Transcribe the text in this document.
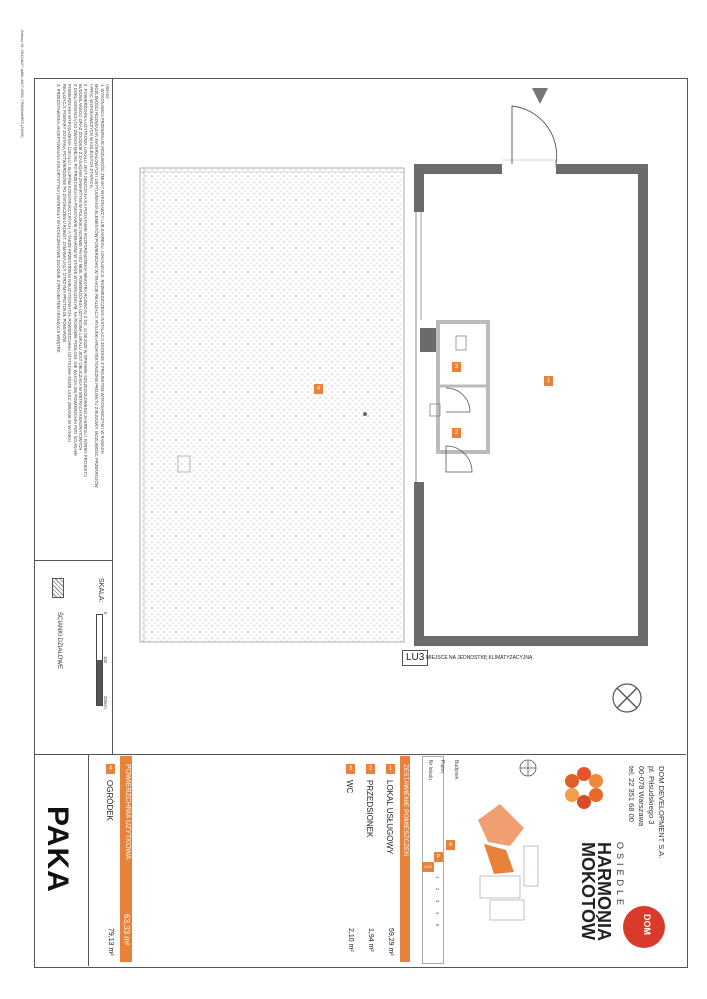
Arkusz ID: 26124b27-ad6b-4d07-9891-7f96d9eb5f53 (26/36)	UWAGI:
1. WYKONAWCA PRZEWIDUJE MOŻLIWOŚĆ ZMIANY WYKONAWCY LUB ZAKRESU, LOKALIZACJI, ROZMIESZCZENIA INSTALACJI ZGODNIE Z PROJEKTEM WYKONAWCZYM I W RAMACH
MOŻLIWOŚCI ROZWIĄZAŃ MATERIAŁOWYCH I USYTUOWANIA ELEMENTÓW POWIERZCHNI W TRAKCIE REALIZACJI. RYSUNKI ARCHITEKTONICZNE PROJEKTU Z BUDOWY. MOŻLIWOŚĆ PRZEKROJÓW
I PRAC WYKONAWCZYCH W KOLEJNYCH ETAPACH.
2. POWIERZCHNIA UŻYTKOWA LOKALU JEST OBLICZANA NA PODSTAWIE ROZPORZĄDZENIA MINISTRA ROZWOJU Z DN. 11.09.2020 W SPRAWIE SZCZEGÓŁOWEGO ZAKRESU I FORMY PROJEKTU
BUDOWLANEGO ORAZ ZGODNIE Z ZASADAMI ZAWARTYMI W POLSKIEJ NORMIE PN-ISO 9836. POWIERZCHNIA UŻYTKOWA LOKALU JEST OBLICZANA W METRACH KWADRATOWYCH
Z DOKŁADNOŚCIĄ DO DWÓCH MIEJSC PO PRZECINKU NA PODSTAWIE WYMIARÓW W STANIE WYKOŃCZONYM, NA POZIOMIE PODŁOGI. NIE WLICZA SIĘ POWIERZCHNI POD ŚCIANAMI
POWIERZCHNI WYPOSAŻENIA LOKALU I SŁUPÓW KONSTRUKCYJNYCH, A TAKŻE PRZESTRZENI NIEUŻYTKOWYCH. POWIERZCHNIA UŻYTKOWA MOŻE ULEC ZMIANIE W WYNIKU
REALIZACJI, POMIARY ZOSTANĄ POTWIERDZONE PO ZAKOŃCZENIU ROBÓT. ZAMAWIAJĄCY OTRZYMA PROTOKÓŁ POMIARÓW.
3. PRZEDSTAWIONA AKCEPTOWALNA KOLORYSTYKA I MATERIAŁY WYKOŃCZENIOWE ZGODNIE Z PROJEKTEM ARANŻACJI WNĘTRZ.
SKALA:
0
100
200cm
ŚCIANKI DZIAŁOWE
1
2
3
4
LU3 MIEJSCE NA JEDNOSTKĘ KLIMATYZACYJNĄ
DOM DEVELOPMENT S.A.
pl. Piłsudskiego 3
00-078 Warszawa
tel. 22 351 68 00
DOM
OSIEDLE
HARMONIA
MOKOTÓW
Budynek
Piętro
Nr lokalu
A
P
LU3
1
2
3
4
5
ZESTAWIENIE POMIESZCZEŃ
1
LOKAL USŁUGOWY
59,29 m²
2
PRZEDSIONEK
1,94 m²
3
WC
2,10 m²
POWIERZCHNIA UŻYTKOWA
63,33 m²
4
OGRÓDEK
79,13 m²
PAKA
